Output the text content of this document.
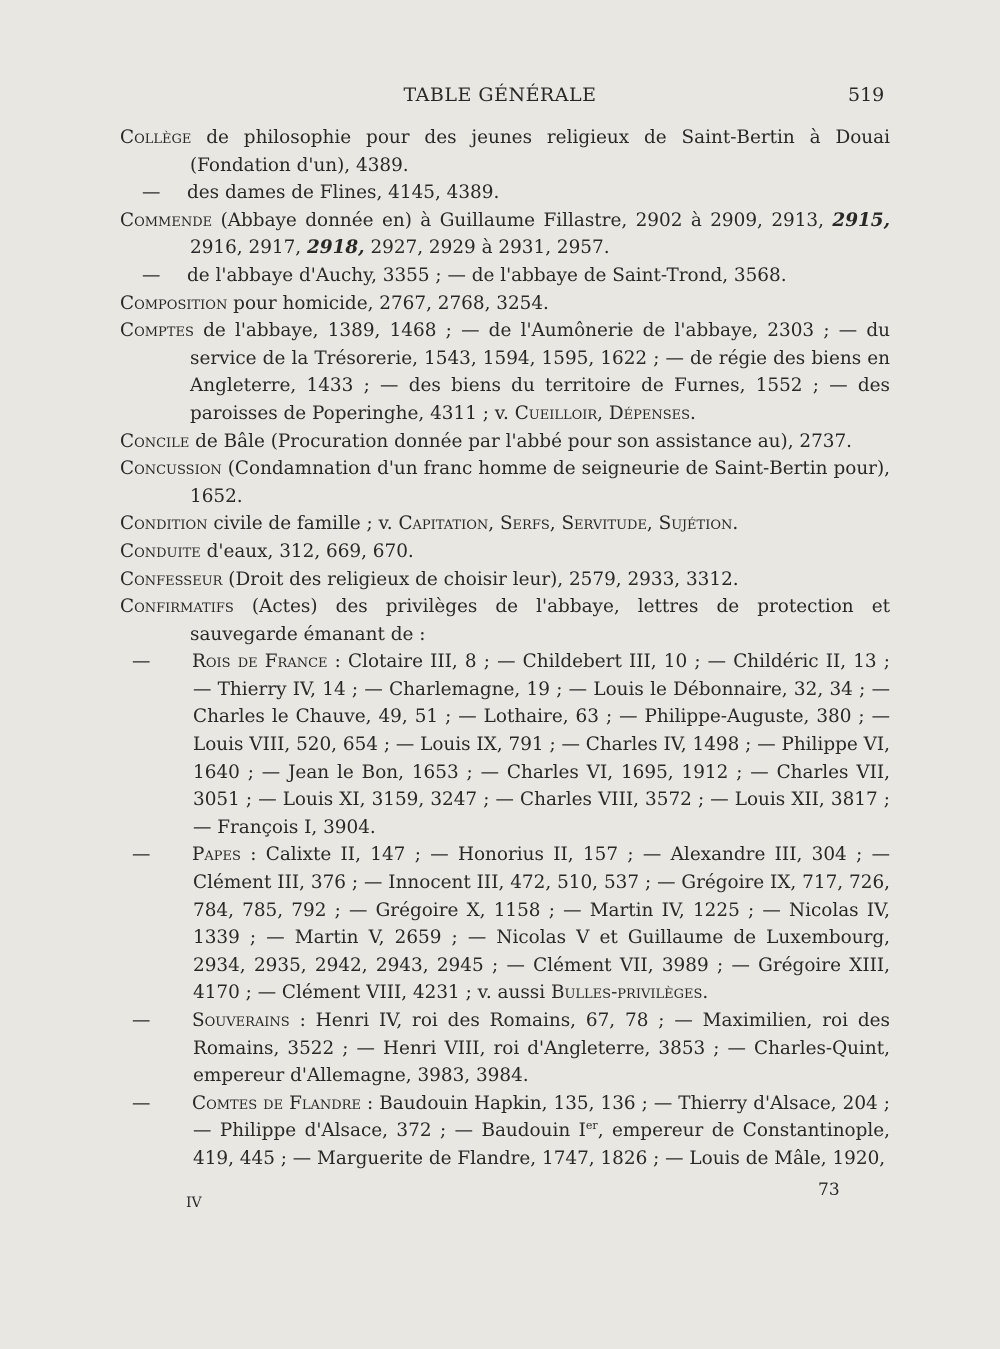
TABLE GÉNÉRALE	519

Collège de philosophie pour des jeunes religieux de Saint-Bertin à Douai (Fondation d'un), 4389.

— des dames de Flines, 4145, 4389.

Commende (Abbaye donnée en) à Guillaume Fillastre, 2902 à 2909, 2913, 2915, 2916, 2917, 2918, 2927, 2929 à 2931, 2957.

— de l'abbaye d'Auchy, 3355 ; — de l'abbaye de Saint-Trond, 3568.

Composition pour homicide, 2767, 2768, 3254.

Comptes de l'abbaye, 1389, 1468 ; — de l'Aumônerie de l'abbaye, 2303 ; — du service de la Trésorerie, 1543, 1594, 1595, 1622 ; — de régie des biens en Angleterre, 1433 ; — des biens du territoire de Furnes, 1552 ; — des paroisses de Poperinghe, 4311 ; v. Cueilloir, Dépenses.

Concile de Bâle (Procuration donnée par l'abbé pour son assistance au), 2737.

Concussion (Condamnation d'un franc homme de seigneurie de Saint-Bertin pour), 1652.

Condition civile de famille ; v. Capitation, Serfs, Servitude, Sujétion.

Conduite d'eaux, 312, 669, 670.

Confesseur (Droit des religieux de choisir leur), 2579, 2933, 3312.

Confirmatifs (Actes) des privilèges de l'abbaye, lettres de protection et sauvegarde émanant de :

— Rois de France : Clotaire III, 8 ; — Childebert III, 10 ; — Childéric II, 13 ; — Thierry IV, 14 ; — Charlemagne, 19 ; — Louis le Débonnaire, 32, 34 ; — Charles le Chauve, 49, 51 ; — Lothaire, 63 ; — Philippe-Auguste, 380 ; — Louis VIII, 520, 654 ; — Louis IX, 791 ; — Charles IV, 1498 ; — Philippe VI, 1640 ; — Jean le Bon, 1653 ; — Charles VI, 1695, 1912 ; — Charles VII, 3051 ; — Louis XI, 3159, 3247 ; — Charles VIII, 3572 ; — Louis XII, 3817 ; — François I, 3904.

— Papes : Calixte II, 147 ; — Honorius II, 157 ; — Alexandre III, 304 ; — Clément III, 376 ; — Innocent III, 472, 510, 537 ; — Grégoire IX, 717, 726, 784, 785, 792 ; — Grégoire X, 1158 ; — Martin IV, 1225 ; — Nicolas IV, 1339 ; — Martin V, 2659 ; — Nicolas V et Guillaume de Luxembourg, 2934, 2935, 2942, 2943, 2945 ; — Clément VII, 3989 ; — Grégoire XIII, 4170 ; — Clément VIII, 4231 ; v. aussi Bulles-privilèges.

— Souverains : Henri IV, roi des Romains, 67, 78 ; — Maximilien, roi des Romains, 3522 ; — Henri VIII, roi d'Angleterre, 3853 ; — Charles-Quint, empereur d'Allemagne, 3983, 3984.

— Comtes de Flandre : Baudouin Hapkin, 135, 136 ; — Thierry d'Alsace, 204 ; — Philippe d'Alsace, 372 ; — Baudouin Ier, empereur de Constantinople, 419, 445 ; — Marguerite de Flandre, 1747, 1826 ; — Louis de Mâle, 1920,

IV
73
